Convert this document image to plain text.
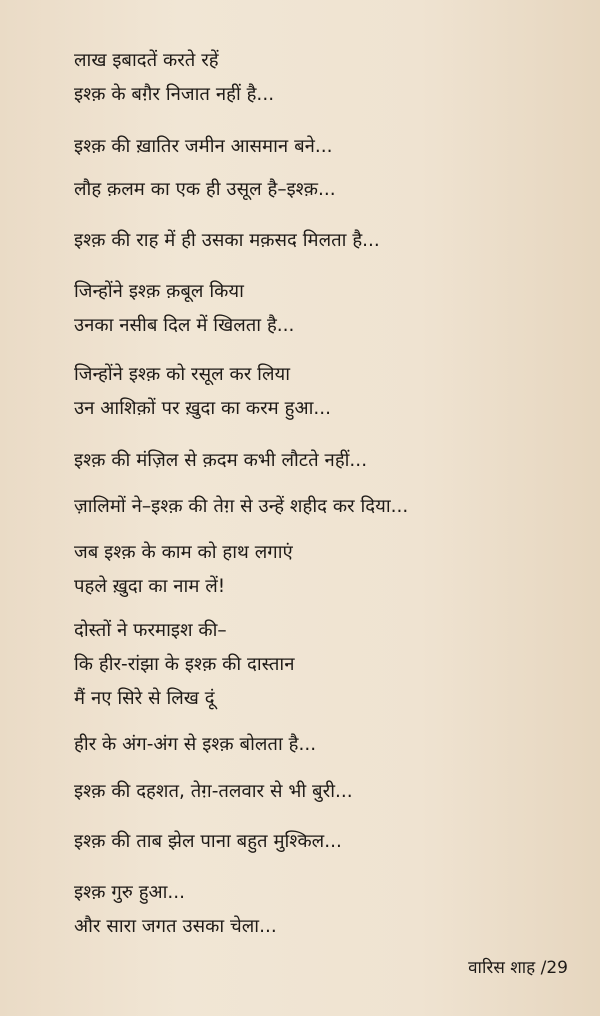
लाख इबादतें करते रहें
इश्क़ के बग़ैर निजात नहीं है...
इश्क़ की ख़ातिर जमीन आसमान बने...
लौह क़लम का एक ही उसूल है–इश्क़...
इश्क़ की राह में ही उसका मक़सद मिलता है...
जिन्होंने इश्क़ क़बूल किया
उनका नसीब दिल में खिलता है...
जिन्होंने इश्क़ को रसूल कर लिया
उन आशिक़ों पर ख़ुदा का करम हुआ...
इश्क़ की मंज़िल से क़दम कभी लौटते नहीं...
ज़ालिमों ने–इश्क़ की तेग़ से उन्हें शहीद कर दिया...
जब इश्क़ के काम को हाथ लगाएं
पहले ख़ुदा का नाम लें!
दोस्तों ने फरमाइश की–
कि हीर-रांझा के इश्क़ की दास्तान
मैं नए सिरे से लिख दूं
हीर के अंग-अंग से इश्क़ बोलता है...
इश्क़ की दहशत, तेग़-तलवार से भी बुरी...
इश्क़ की ताब झेल पाना बहुत मुश्किल...
इश्क़ गुरु हुआ...
और सारा जगत उसका चेला...
वारिस शाह /29
